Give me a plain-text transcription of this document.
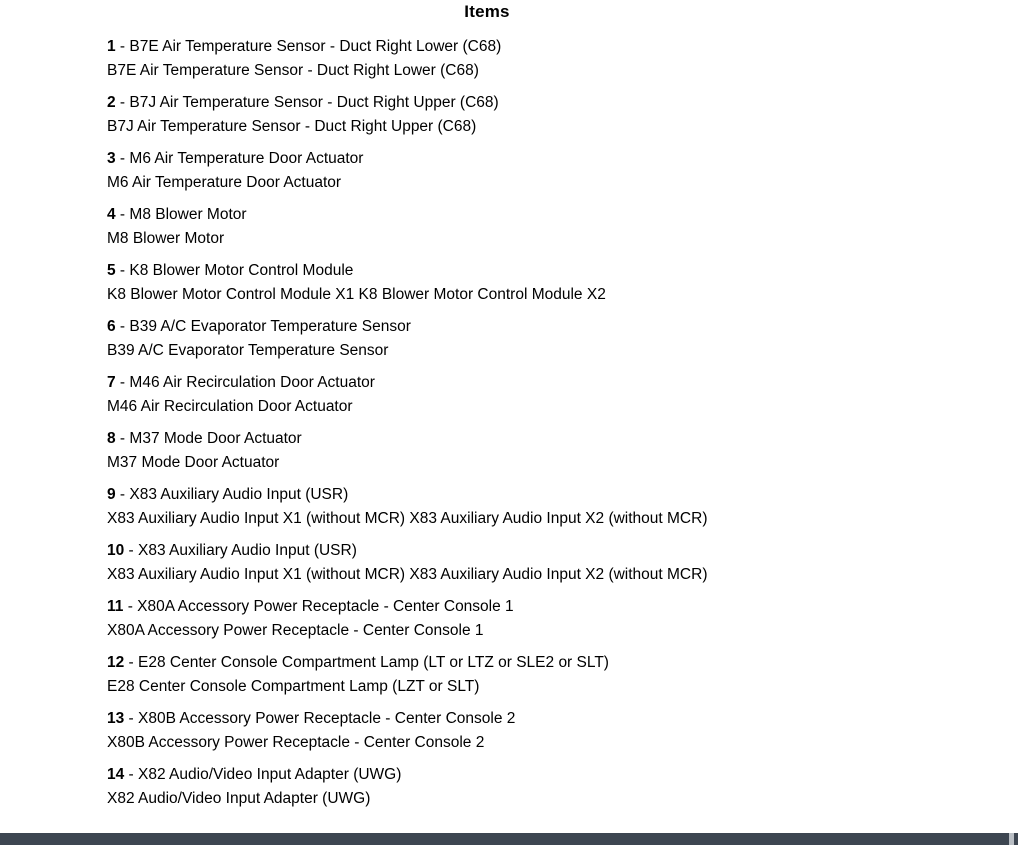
Items
1 - B7E Air Temperature Sensor - Duct Right Lower (C68)
B7E Air Temperature Sensor - Duct Right Lower (C68)
2 - B7J Air Temperature Sensor - Duct Right Upper (C68)
B7J Air Temperature Sensor - Duct Right Upper (C68)
3 - M6 Air Temperature Door Actuator
M6 Air Temperature Door Actuator
4 - M8 Blower Motor
M8 Blower Motor
5 - K8 Blower Motor Control Module
K8 Blower Motor Control Module X1 K8 Blower Motor Control Module X2
6 - B39 A/C Evaporator Temperature Sensor
B39 A/C Evaporator Temperature Sensor
7 - M46 Air Recirculation Door Actuator
M46 Air Recirculation Door Actuator
8 - M37 Mode Door Actuator
M37 Mode Door Actuator
9 - X83 Auxiliary Audio Input (USR)
X83 Auxiliary Audio Input X1 (without MCR) X83 Auxiliary Audio Input X2 (without MCR)
10 - X83 Auxiliary Audio Input (USR)
X83 Auxiliary Audio Input X1 (without MCR) X83 Auxiliary Audio Input X2 (without MCR)
11 - X80A Accessory Power Receptacle - Center Console 1
X80A Accessory Power Receptacle - Center Console 1
12 - E28 Center Console Compartment Lamp (LT or LTZ or SLE2 or SLT)
E28 Center Console Compartment Lamp (LZT or SLT)
13 - X80B Accessory Power Receptacle - Center Console 2
X80B Accessory Power Receptacle - Center Console 2
14 - X82 Audio/Video Input Adapter (UWG)
X82 Audio/Video Input Adapter (UWG)
